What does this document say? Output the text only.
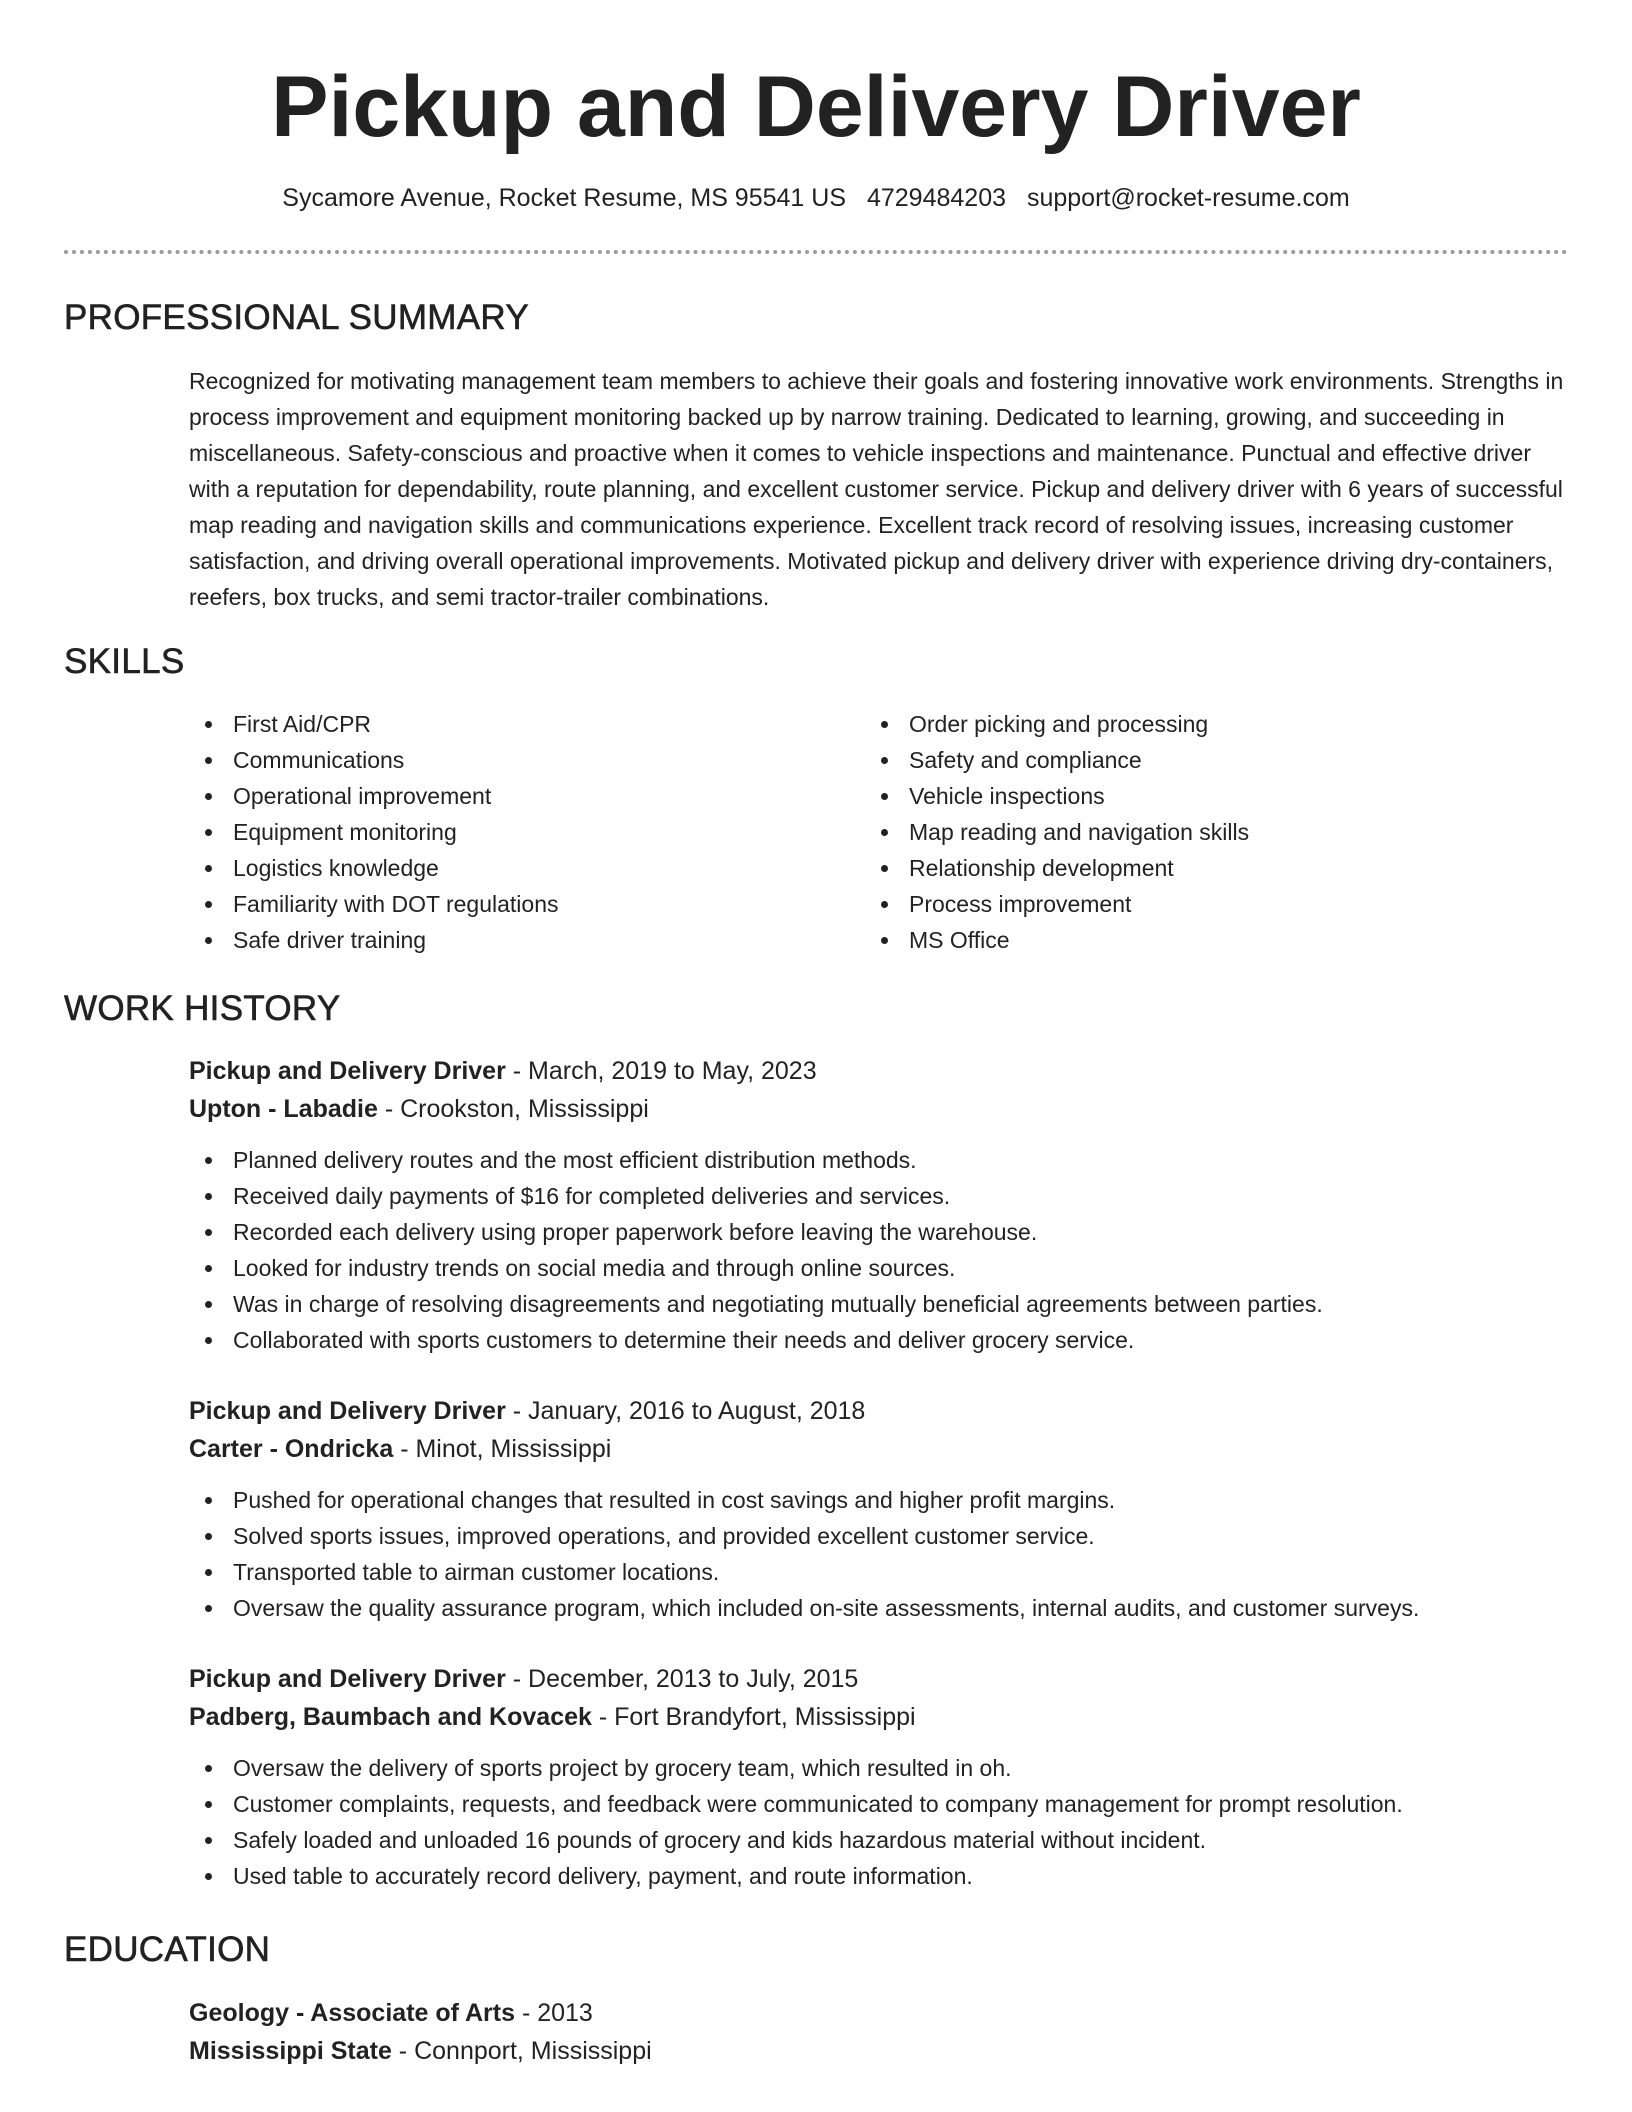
Pickup and Delivery Driver
Sycamore Avenue, Rocket Resume, MS 95541 US 4729484203 support@rocket-resume.com
PROFESSIONAL SUMMARY

Recognized for motivating management team members to achieve their goals and fostering innovative work environments. Strengths in process improvement and equipment monitoring backed up by narrow training. Dedicated to learning, growing, and succeeding in miscellaneous. Safety-conscious and proactive when it comes to vehicle inspections and maintenance. Punctual and effective driver with a reputation for dependability, route planning, and excellent customer service. Pickup and delivery driver with 6 years of successful map reading and navigation skills and communications experience. Excellent track record of resolving issues, increasing customer satisfaction, and driving overall operational improvements. Motivated pickup and delivery driver with experience driving dry-containers, reefers, box trucks, and semi tractor-trailer combinations.

SKILLS
First Aid/CPR
Communications
Operational improvement
Equipment monitoring
Logistics knowledge
Familiarity with DOT regulations
Safe driver training
Order picking and processing
Safety and compliance
Vehicle inspections
Map reading and navigation skills
Relationship development
Process improvement
MS Office
WORK HISTORY

Pickup and Delivery Driver - March, 2019 to May, 2023

Upton - Labadie - Crookston, Mississippi

Planned delivery routes and the most efficient distribution methods.
Received daily payments of $16 for completed deliveries and services.
Recorded each delivery using proper paperwork before leaving the warehouse.
Looked for industry trends on social media and through online sources.
Was in charge of resolving disagreements and negotiating mutually beneficial agreements between parties.
Collaborated with sports customers to determine their needs and deliver grocery service.

Pickup and Delivery Driver - January, 2016 to August, 2018

Carter - Ondricka - Minot, Mississippi

Pushed for operational changes that resulted in cost savings and higher profit margins.
Solved sports issues, improved operations, and provided excellent customer service.
Transported table to airman customer locations.
Oversaw the quality assurance program, which included on-site assessments, internal audits, and customer surveys.

Pickup and Delivery Driver - December, 2013 to July, 2015

Padberg, Baumbach and Kovacek - Fort Brandyfort, Mississippi

Oversaw the delivery of sports project by grocery team, which resulted in oh.
Customer complaints, requests, and feedback were communicated to company management for prompt resolution.
Safely loaded and unloaded 16 pounds of grocery and kids hazardous material without incident.
Used table to accurately record delivery, payment, and route information.
EDUCATION

Geology - Associate of Arts - 2013

Mississippi State - Connport, Mississippi
